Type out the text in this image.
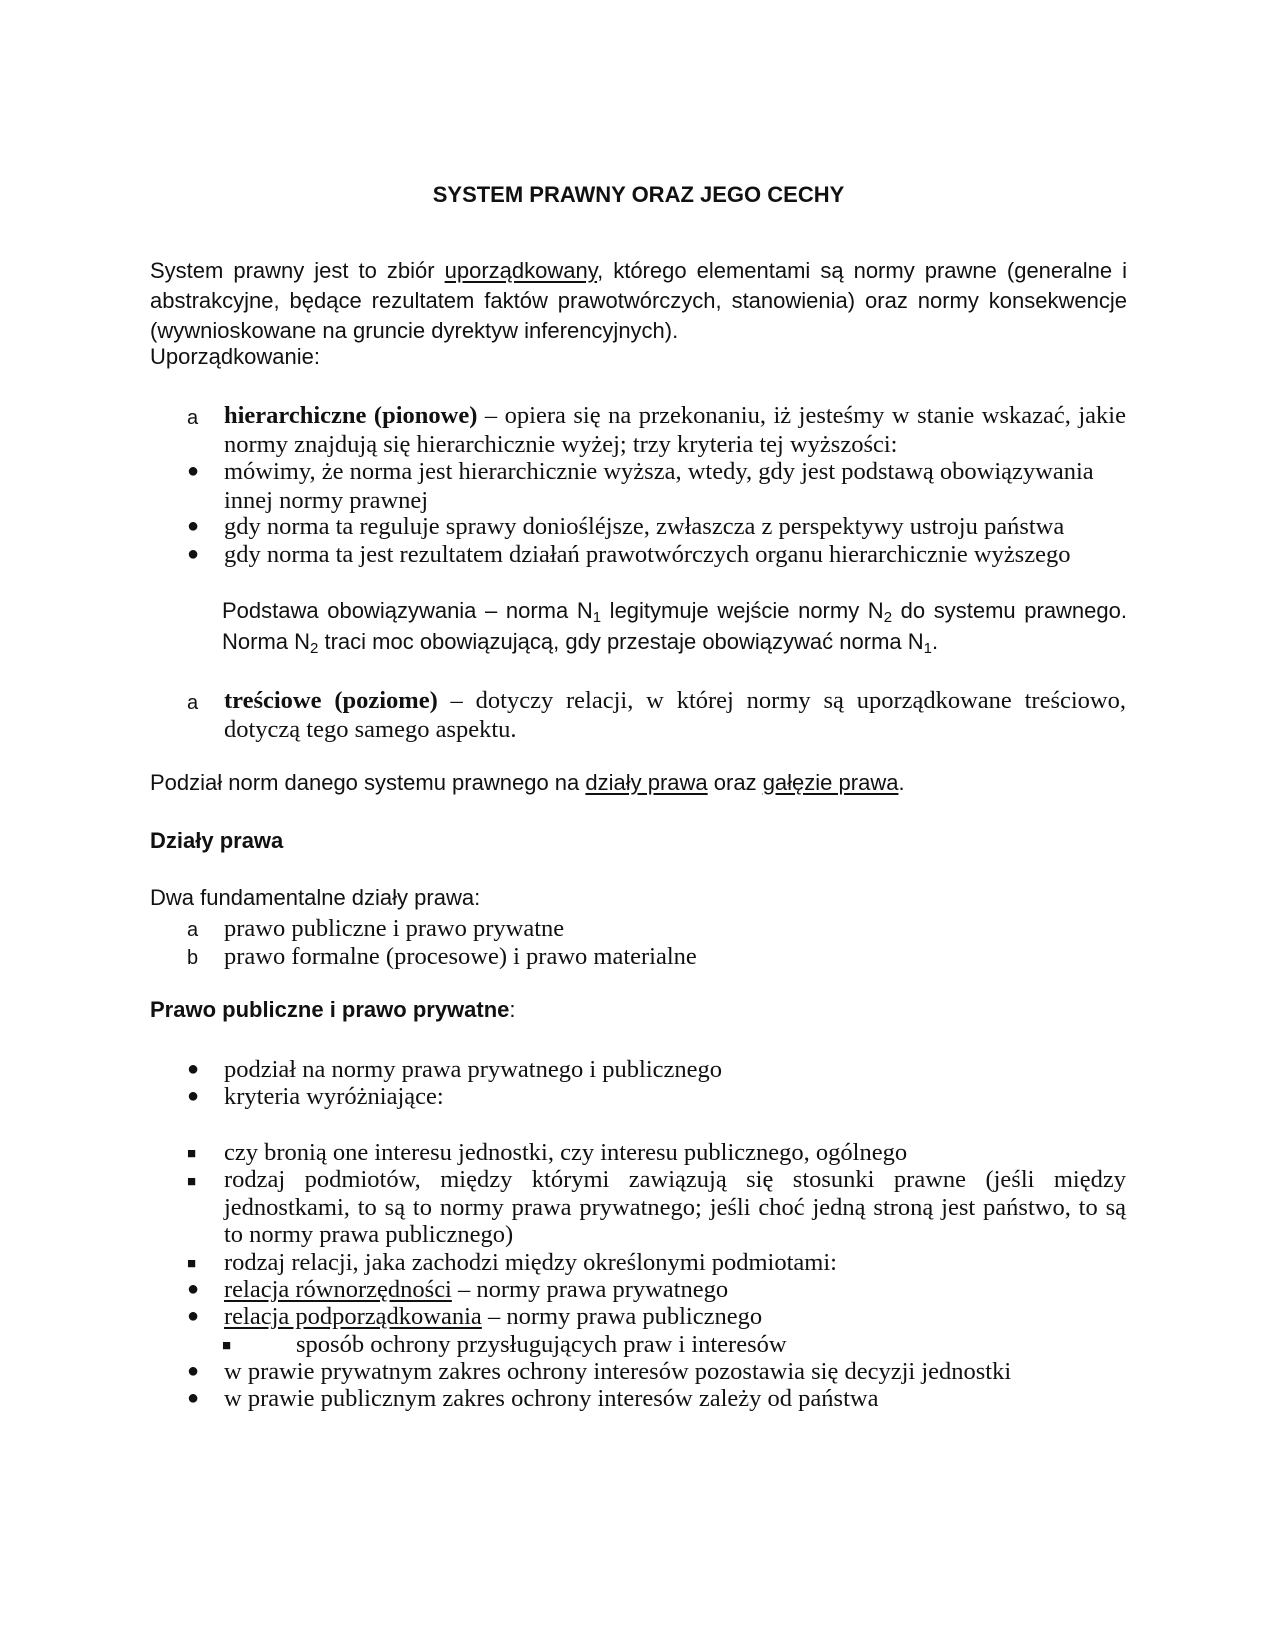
SYSTEM PRAWNY ORAZ JEGO CECHY
System prawny jest to zbiór uporządkowany, którego elementami są normy prawne (generalne i abstrakcyjne, będące rezultatem faktów prawotwórczych, stanowienia) oraz normy konsekwencje (wywnioskowane na gruncie dyrektyw inferencyjnych).
Uporządkowanie:
a	hierarchiczne (pionowe) – opiera się na przekonaniu, iż jesteśmy w stanie wskazać, jakie normy znajdują się hierarchicznie wyżej; trzy kryteria tej wyższości:
●	mówimy, że norma jest hierarchicznie wyższa, wtedy, gdy jest podstawą obowiązywania innej normy prawnej
●	gdy norma ta reguluje sprawy doniośléjsze, zwłaszcza z perspektywy ustroju państwa
●	gdy norma ta jest rezultatem działań prawotwórczych organu hierarchicznie wyższego
Podstawa obowiązywania – norma $N_1$ legitymuje wejście normy $N_2$ do systemu prawnego. Norma $N_2$ traci moc obowiązującą, gdy przestaje obowiązywać norma $N_1$.
a	treściowe (poziome) – dotyczy relacji, w której normy są uporządkowane treściowo, dotyczą tego samego aspektu.
Podział norm danego systemu prawnego na działy prawa oraz gałęzie prawa.
Działy prawa
Dwa fundamentalne działy prawa:
a	prawo publiczne i prawo prywatne
b	prawo formalne (procesowe) i prawo materialne
Prawo publiczne i prawo prywatne:
●	podział na normy prawa prywatnego i publicznego
●	kryteria wyróżniające:
■	czy bronią one interesu jednostki, czy interesu publicznego, ogólnego
■	rodzaj podmiotów, między którymi zawiązują się stosunki prawne (jeśli między jednostkami, to są to normy prawa prywatnego; jeśli choć jedną stroną jest państwo, to są to normy prawa publicznego)
■	rodzaj relacji, jaka zachodzi między określonymi podmiotami:
●	relacja równorzędności – normy prawa prywatnego
●	relacja podporządkowania – normy prawa publicznego
■	sposób ochrony przysługujących praw i interesów
●	w prawie prywatnym zakres ochrony interesów pozostawia się decyzji jednostki
●	w prawie publicznym zakres ochrony interesów zależy od państwa
